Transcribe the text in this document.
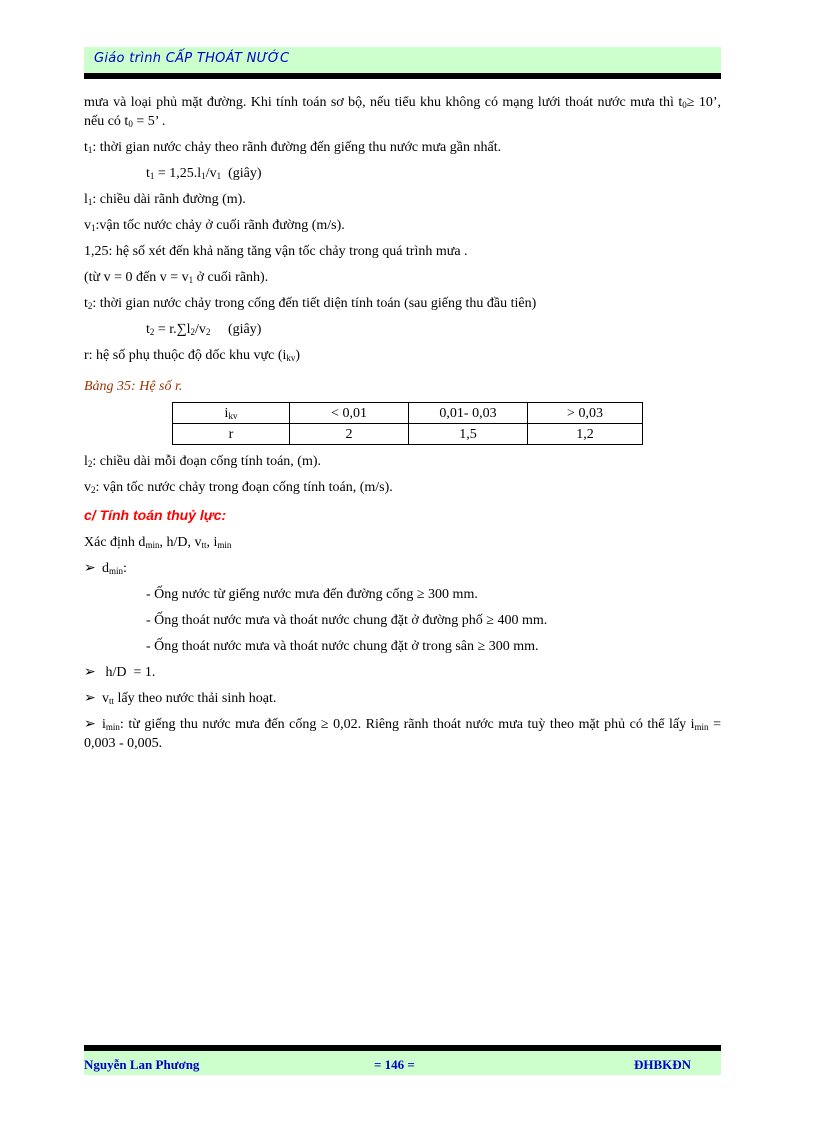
Giáo trình CẤP THOÁT NƯỚC

mưa và loại phủ mặt đường. Khi tính toán sơ bộ, nếu tiểu khu không có mạng lưới thoát nước mưa thì $t_0\ge 10$’, nếu có $t_0 = 5$’ .

$t_1$: thời gian nước chảy theo rãnh đường đến giếng thu nước mưa gần nhất.

$t_1 = 1,25.l_1/v_1$  (giây)

$l_1$: chiều dài rãnh đường (m).

$v_1:vận$ tốc nước chảy ở cuối rãnh đường (m/s).

1,25: hệ số xét đến khả năng tăng vận tốc chảy trong quá trình mưa .

(từ v = 0 đến $v = v_1$ ở cuối rãnh).

$t_2$: thời gian nước chảy trong cống đến tiết diện tính toán (sau giếng thu đầu tiên)

$t_2 = r.\sum l_2/v_2$     (giây)

r: hệ số phụ thuộc độ dốc khu vực $(i_{kv})$

Bảng 35: Hệ số r.

$i_{kv}$	< 0,01	0,01- 0,03	> 0,03
r	2	1,5	1,2

$l_2$: chiều dài mỗi đoạn cống tính toán, (m).

$v_2$: vận tốc nước chảy trong đoạn cống tính toán, (m/s).

c/ Tính toán thuỷ lực:

Xác định $d_{min}$, h/D, $v_{tt}$, $i_{min}$

➢ $d_{min}$:

- Ống nước từ giếng nước mưa đến đường cống ≥ 300 mm.

- Ống thoát nước mưa và thoát nước chung đặt ở đường phố ≥ 400 mm.

- Ống thoát nước mưa và thoát nước chung đặt ở trong sân ≥ 300 mm.

➢ h/D  = 1.

➢ $v_{tt}$ lấy theo nước thải sinh hoạt.

➢ $i_{min}$: từ giếng thu nước mưa đến cống ≥ 0,02. Riêng rãnh thoát nước mưa tuỳ theo mặt phủ có thể lấy $i_{min} = 0,003 - 0,005$.

Nguyễn Lan Phương	= 146 =	ĐHBKĐN
